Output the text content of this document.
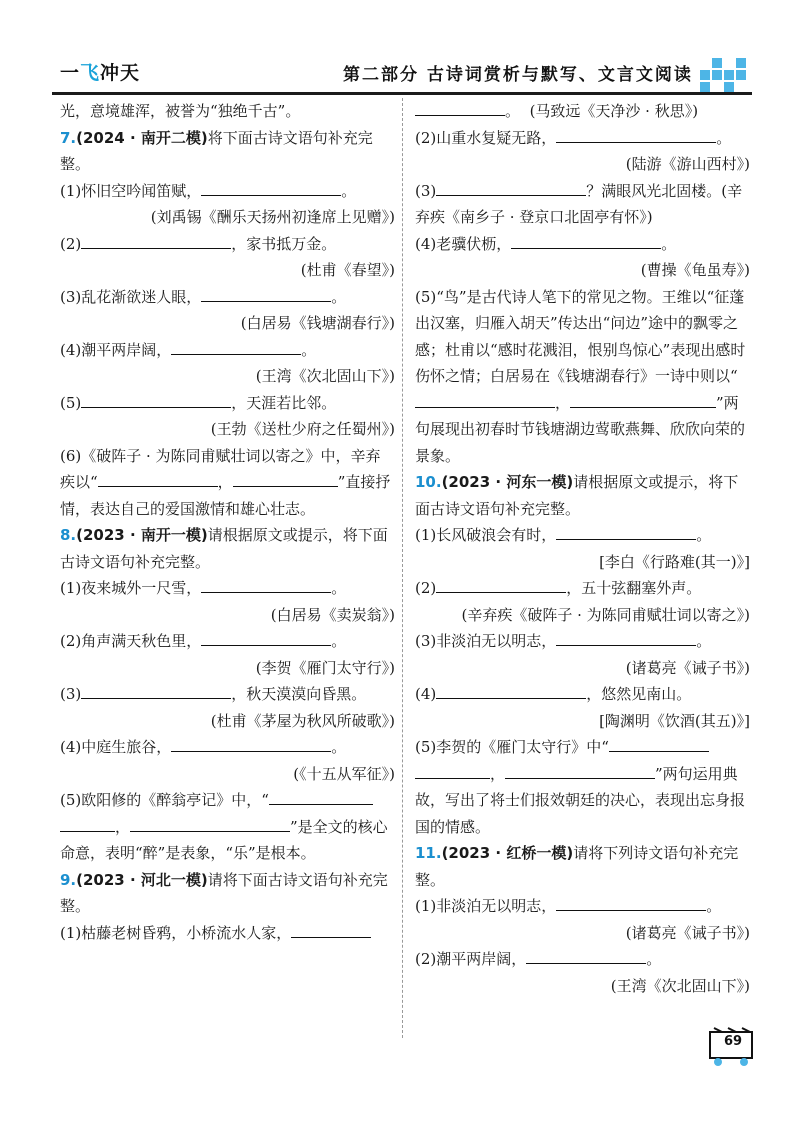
一飞冲天	第二部分 古诗词赏析与默写、文言文阅读

光，意境雄浑，被誉为“独绝千古”。

7.(2024 · 南开二模)将下面古诗文语句补充完整。

(1)怀旧空吟闻笛赋，	。

(刘禹锡《酬乐天扬州初逢席上见赠》)

(2)	，家书抵万金。

(杜甫《春望》)

(3)乱花渐欲迷人眼，	。

(白居易《钱塘湖春行》)

(4)潮平两岸阔，	。

(王湾《次北固山下》)

(5)	，天涯若比邻。

(王勃《送杜少府之任蜀州》)

(6)《破阵子 · 为陈同甫赋壮词以寄之》中，辛弃疾以“	，	”直接抒情，表达自己的爱国激情和雄心壮志。

8.(2023 · 南开一模)请根据原文或提示，将下面古诗文语句补充完整。

(1)夜来城外一尺雪，	。

(白居易《卖炭翁》)

(2)角声满天秋色里，	。

(李贺《雁门太守行》)

(3)	，秋天漠漠向昏黑。

(杜甫《茅屋为秋风所破歌》)

(4)中庭生旅谷，	。

(《十五从军征》)

(5)欧阳修的《醉翁亭记》中，“，	”是全文的核心命意，表明“醉”是表象，“乐”是根本。

9.(2023 · 河北一模)请将下面古诗文语句补充完整。

(1)枯藤老树昏鸦，小桥流水人家，

。 (马致远《天净沙 · 秋思》)

(2)山重水复疑无路，	。

(陆游《游山西村》)

(3)	？满眼风光北固楼。(辛弃疾《南乡子 · 登京口北固亭有怀》)

(4)老骥伏枥，	。

(曹操《龟虽寿》)

(5)“鸟”是古代诗人笔下的常见之物。王维以“征蓬出汉塞，归雁入胡天”传达出“问边”途中的飘零之感；杜甫以“感时花溅泪，恨别鸟惊心”表现出感时伤怀之情；白居易在《钱塘湖春行》一诗中则以“，	”两句展现出初春时节钱塘湖边莺歌燕舞、欣欣向荣的景象。

10.(2023 · 河东一模)请根据原文或提示，将下面古诗文语句补充完整。

(1)长风破浪会有时，	。

[李白《行路难(其一)》]

(2)	，五十弦翻塞外声。

(辛弃疾《破阵子 · 为陈同甫赋壮词以寄之》)

(3)非淡泊无以明志，	。

(诸葛亮《诫子书》)

(4)	，悠然见南山。

[陶渊明《饮酒(其五)》]

(5)李贺的《雁门太守行》中“，	”两句运用典故，写出了将士们报效朝廷的决心，表现出忘身报国的情感。

11.(2023 · 红桥一模)请将下列诗文语句补充完整。

(1)非淡泊无以明志，	。

(诸葛亮《诫子书》)

(2)潮平两岸阔，	。

(王湾《次北固山下》)

69
